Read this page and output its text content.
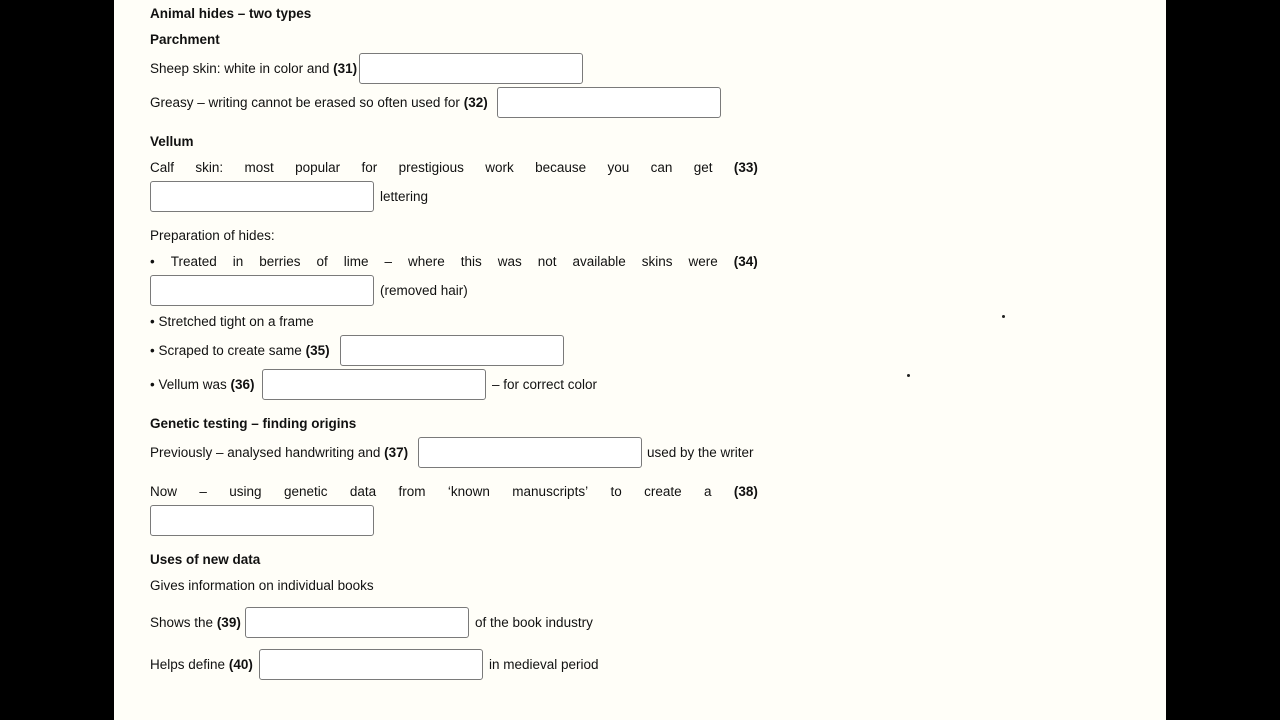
Animal hides – two types
Parchment
Sheep skin: white in color and (31)
Greasy – writing cannot be erased so often used for (32)
Vellum
Calf skin: most popular for prestigious work because you can get (33)
lettering
Preparation of hides:
• Treated in berries of lime – where this was not available skins were (34)
(removed hair)
• Stretched tight on a frame
• Scraped to create same (35)
• Vellum was (36)	– for correct color
Genetic testing – finding origins
Previously – analysed handwriting and (37)	used by the writer
Now – using genetic data from ‘known manuscripts’ to create a (38)
Uses of new data
Gives information on individual books
Shows the (39)	of the book industry
Helps define (40)	in medieval period
